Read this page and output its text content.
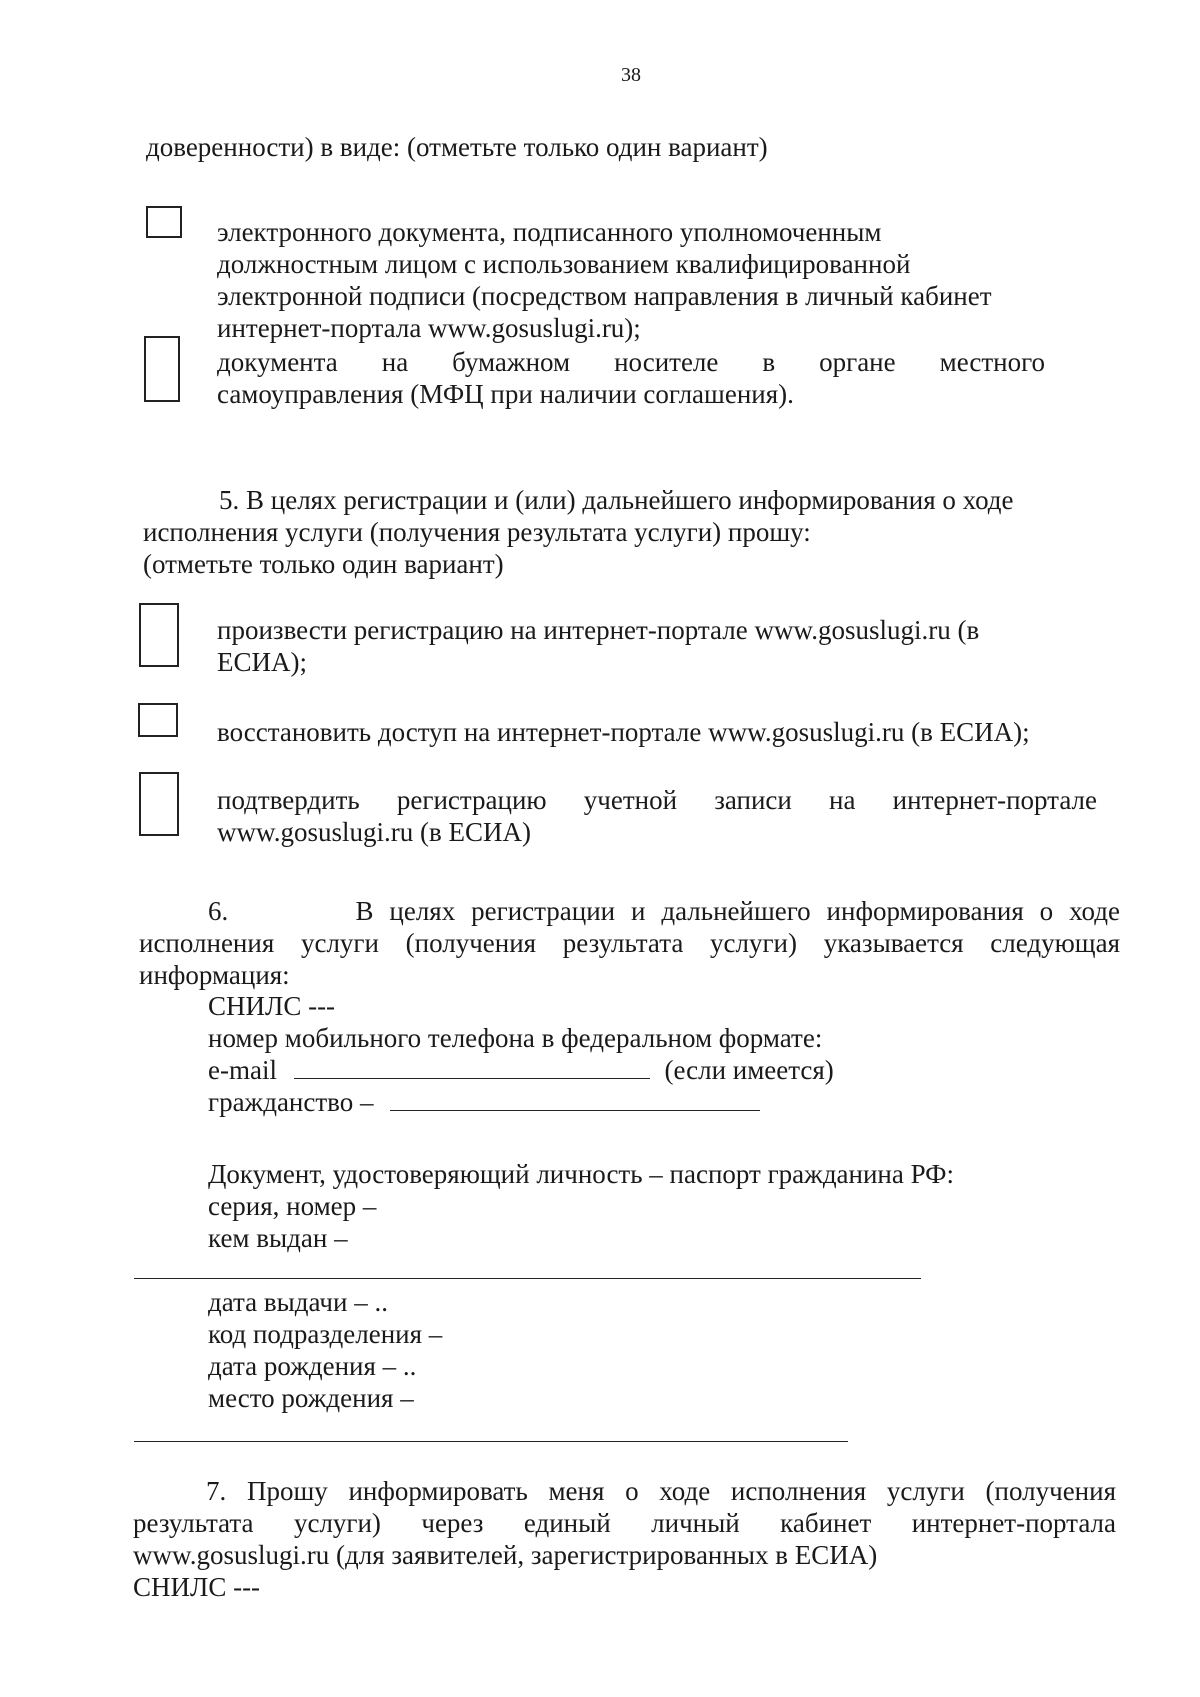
38
доверенности) в виде: (отметьте только один вариант)
электронного документа, подписанного уполномоченным
должностным лицом с использованием квалифицированной
электронной подписи (посредством направления в личный кабинет
интернет-портала www.gosuslugi.ru);
документа на бумажном носителе в органе местного
самоуправления (МФЦ при наличии соглашения).
5. В целях регистрации и (или) дальнейшего информирования о ходе
исполнения услуги (получения результата услуги) прошу:
(отметьте только один вариант)
произвести регистрацию на интернет-портале www.gosuslugi.ru (в
ЕСИА);
восстановить доступ на интернет-портале www.gosuslugi.ru (в ЕСИА);
подтвердить регистрацию учетной записи на интернет-портале
www.gosuslugi.ru (в ЕСИА)
6.        В целях регистрации и дальнейшего информирования о ходе
исполнения услуги (получения результата услуги) указывается следующая
информация:
СНИЛС ---
номер мобильного телефона в федеральном формате:
e-mail	(если имеется)
гражданство –
Документ, удостоверяющий личность – паспорт гражданина РФ:
серия, номер –
кем выдан –
дата выдачи – ..
код подразделения –
дата рождения – ..
место рождения –
7. Прошу информировать меня о ходе исполнения услуги (получения
результата услуги) через единый личный кабинет интернет-портала
www.gosuslugi.ru (для заявителей, зарегистрированных в ЕСИА)
СНИЛС ---
